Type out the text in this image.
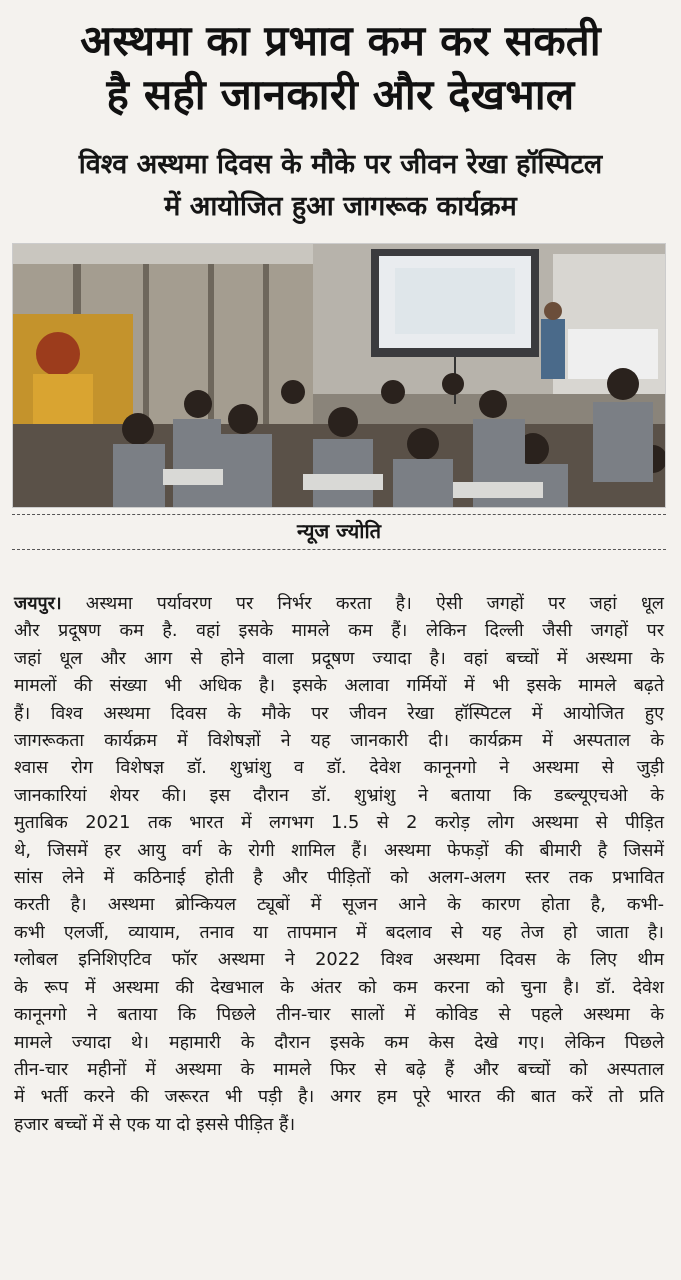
अस्थमा का प्रभाव कम कर सकती
है सही जानकारी और देखभाल
विश्व अस्थमा दिवस के मौके पर जीवन रेखा हॉस्पिटल
में आयोजित हुआ जागरूक कार्यक्रम
न्यूज ज्योति
जयपुर। अस्थमा पर्यावरण पर निर्भर करता है। ऐसी जगहों पर जहां धूल
और प्रदूषण कम है. वहां इसके मामले कम हैं। लेकिन दिल्ली जैसी जगहों पर
जहां धूल और आग से होने वाला प्रदूषण ज्यादा है। वहां बच्चों में अस्थमा के
मामलों की संख्या भी अधिक है। इसके अलावा गर्मियों में भी इसके मामले बढ़ते
हैं। विश्व अस्थमा दिवस के मौके पर जीवन रेखा हॉस्पिटल में आयोजित हुए
जागरूकता कार्यक्रम में विशेषज्ञों ने यह जानकारी दी। कार्यक्रम में अस्पताल के
श्वास रोग विशेषज्ञ डॉ. शुभ्रांशु व डॉ. देवेश कानूनगो ने अस्थमा से जुड़ी
जानकारियां शेयर की। इस दौरान डॉ. शुभ्रांशु ने बताया कि डब्ल्यूएचओ के
मुताबिक 2021 तक भारत में लगभग 1.5 से 2 करोड़ लोग अस्थमा से पीड़ित
थे, जिसमें हर आयु वर्ग के रोगी शामिल हैं। अस्थमा फेफड़ों की बीमारी है जिसमें
सांस लेने में कठिनाई होती है और पीड़ितों को अलग-अलग स्तर तक प्रभावित
करती है। अस्थमा ब्रोन्कियल ट्यूबों में सूजन आने के कारण होता है, कभी-
कभी एलर्जी, व्यायाम, तनाव या तापमान में बदलाव से यह तेज हो जाता है।
ग्लोबल इनिशिएटिव फॉर अस्थमा ने 2022 विश्व अस्थमा दिवस के लिए थीम
के रूप में अस्थमा की देखभाल के अंतर को कम करना को चुना है। डॉ. देवेश
कानूनगो ने बताया कि पिछले तीन-चार सालों में कोविड से पहले अस्थमा के
मामले ज्यादा थे। महामारी के दौरान इसके कम केस देखे गए। लेकिन पिछले
तीन-चार महीनों में अस्थमा के मामले फिर से बढ़े हैं और बच्चों को अस्पताल
में भर्ती करने की जरूरत भी पड़ी है। अगर हम पूरे भारत की बात करें तो प्रति
हजार बच्चों में से एक या दो इससे पीड़ित हैं।
